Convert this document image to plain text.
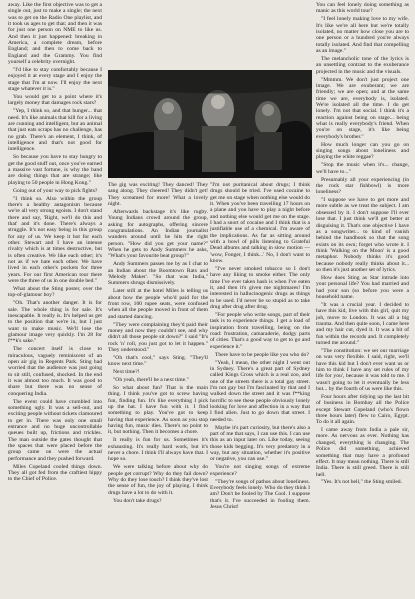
away. Like the first objective was to get a single out, just to make a single; the next was to get on the Radio One playlist, and it took us ages to get that; and then it was for just one person on NME to like us. And then it just happened: breaking in America, a complete dream, before England; and then to come back to England and the Grammy. You find yourself a celebrity overnight.

"I'd like to stay comfortably because I enjoyed it at every stage and I enjoy the stage that I'm at now. I'll enjoy the next stage whatever it is."

You would get to a point where it's largely money that damages rock stars?

"Yep, I think so, and that hunger... that need. It's like animals that kill for a living are cunning and intelligent, but an animal that just eats scraps has no challenge, has no grab. There's an element, I think, of intelligence and that's not good for intelligence.

So because you have to stay hungry to get the good stuff out, once you've earned a massive vast fortune, is why the band are doing things that are strange; like playing to 50 people in Hong Kong."

Going out of your way to pick fights?

"I think so. Also within the group there's a healthy antagonism because we're all very strong egoists. I don't stand there and say, 'Right, we'll do this and that' and it's done. There's always a struggle. It's not easy being in this group for any of us. We keep it hot for each other. Stewart and I have an intense rivalry which is at times destructive, but is often creative. We like each other; it's not as if we hate each other. We have lived in each other's pockets for three years. For our first American tour there were the three of us in one double bed."

What about the Sting poster, over the top-of-glamour boy?

"Oh. That's another danger. It is for sale. The whole thing is for sale. It's inescapable. It really is. It's helped us get to the position that we're in, but I just want to make music. We'll lose the glamour image very quickly. I'm 28 for f**k's sake."

The concert itself is close to miraculous, vaguely reminiscent of an open air gig in Regents Park. Sting had worried that the audience was just going to sit still, confused, shocked. In the end it was almost too much. It was good to share but there was no sense of conquering India.

The event could have crumbled into something ugly. It was a sell-out, and exciting people without tickets clamoured to get in. There was only one small entrance and no huge uncontrollable queues built up, frictions and trickles. The man outside the gates thought that the spaces that were placed before the group came on were the actual performance and they pushed forward.

Miles Copeland cooled things down. They all got fed from the craftiest hippy to the Chief of Police.

The gig was exciting! They danced! They sang along. They cheered! They didn't get! They screamed for more! What a lovely night.

Afterwards backstage it's like rugby. Young Indians crowd around the group, asking for autographs, offering sincere congratulations. An Indian journalist wanders around until he hits the right person. "How did you get your name?" When he gets to Andy Summers he asks, "What's your favourite beat group?"

Andy Summers passes me by as I chat to an Indian about the Boomtown Rats and 'Melody Maker'. "So that was India," Summers shrugs dismissively.

Later still at the hotel Miles is telling us about how the people who'd paid for the front row, 100 rupee seats, were confused when all the people moved in front of them and started dancing.

"They were complaining they'd paid their money and now they couldn't see, and why didn't all those people sit down?" I said "It's rock 'n' roll, you just got to let it happen." They understood."

"Oh that's cool," says Sting. "They'll know next time."

Next time?!

"Oh yeah, there'll be a next time."

So what about fun? That is the main thing. I think you've got to screw having fun, finding fun. It's like everything I pick up the hat. I have fun with it. I find something to play. You've got to keep having that experience. As soon as you stop having fun, music dies. There's no point to it, but nothing. Then it becomes a chore.

It really is fun for us. Sometimes it's exhausting. It's really hard work, but it's never a chore. I think I'll always have that. I hope so.

We were talking before about why do people get corrupt? Why do they fail down? Why do they lose touch? I think they've lost the sense of fun, the joy of playing. I think drugs have a lot to do with it.

You don't take drugs?

"I'm not puritanical about drugs; I think drugs should be tried. I've used cocaine to get me on stage when nothing else would do it. When you've been travelling 17 hours on a plane and you have to play a night before and nothing else would get me on the stage. I had a snort of cocaine and I think that is a justifiable use of a chemical. I'm aware of the implications. As far as sitting around with a bowl of pills listening to Grateful Dead albums and talking in slow motion — 'wow, Fonger, I think...' No, I don't want to know.

"I've never smoked tobacco so I don't have any liking to smoke either. The only time I've ever taken hash is when I've eaten it, and then it's given me nightmares! I'm interested in hallucinogenic drugs as things to be used. I'd never be so stupid as to take drug after drug after drug.

"For people who write songs, part of their task is to experience things. I get a load of inspiration from travelling, being on the road: frustration, camaraderie, dodgy parts of cities. That's a good way to get to go and experience it."

There have to be people like you who do?

"Yeah, I mean, the other night I went out in Sydney. There's a great part of Sydney called Kings Cross which is a real zoo, and one of the streets there is a total gay street. I'm not gay but I'm fascinated by that and I walked down the street and it was f**king horrific to see these people obviously lonely looking for love and affection in a way that I find alien. Just to go down that street. I needed to.

Maybe it's part curiosity, but there's also a part of me that says, I can use this. I can use this as an input later on. Like today, seeing those kids begging. It's very predatory in a way, but any situation, whether it's positive or negative, you can use."

You're not singing songs of extreme experience?

"They're songs of pathos about loneliness. Everybody feels lonely. Who do they think I am? Don't be fooled by The Cool. I suppose that's it. I've succeeded in fooling them. Jesus Christ!

You can feel lonely doing something as manic as this world tour?

"I feel lonely making love to my wife. It's like we're all here but we're totally isolated, no matter how close you are to one person or a hundred you're always totally isolated. And find that compelling as an image."

The melancholic tone of the lyrics is an unsettling contrast to the exuberance projected in the music and the visuals.

"Mmmm. We don't just project one image. We are exuberant; we are friendly; we are open; and at the same time we are, everybody is, isolated. We're isolated all the time. I do get lonely. I'm not that social. I think it's a reaction against being on stage... being what is really everybody's friend. When you're on stage, it's like being everybody's brother."

How much longer can you go on singing songs about loneliness and playing the white reggae?

"Stop the music when it's... change, we'll have to..."

Presumably all your experiencing (in the rock star fishbowl) is more loneliness?

"I suppose we have to get more and more subtle as we treat the subject. I am obsessed by it. I don't suppose I'll ever lose that. I just think we'll get better at disguising it. That's one objective I have as a songwriter... to kind of vanish behind the handbook so that the song exists on its own; forget who wrote it. I think 'Walking on the Moon' is a good metaphor. Nobody thinks it's good because nobody really thinks about it... so then it's just another set of lyrics.

How does Sting as Star intrude into your personal life? You had married and had your son (so before you were a household name.

"It was a crucial year. I decided to have this kid, live with this girl, quit my job, move to London. It was all a big trauma. And then quite soon, I came here and my hair cut, dyed it. It was a bit of fun within the records and. It completely turned me around."

"The constitution: we set our marriage on was very flexible. I said, right, we'll have this kid but I don't ever want us or him to think I have any set rules of my life for you', because it was told to me. I wasn't going to let it eventually be less but... by the fourth of us were like this.

Four hours after tidying up the last bit of business in Bombay all the Police except Stewart Copeland (who's flown three hours later) flew to Cairo, Egypt. To do it all again.

I came away from India a pale sir, more. As nervous as ever. Nothing has changed, everything is changing. The Police did something, achieved something that may have a profound effect. It may mean nothing. There is still India. There is still greed. There is still hell.

"Yes. It's not hell," the Sting smiled.
